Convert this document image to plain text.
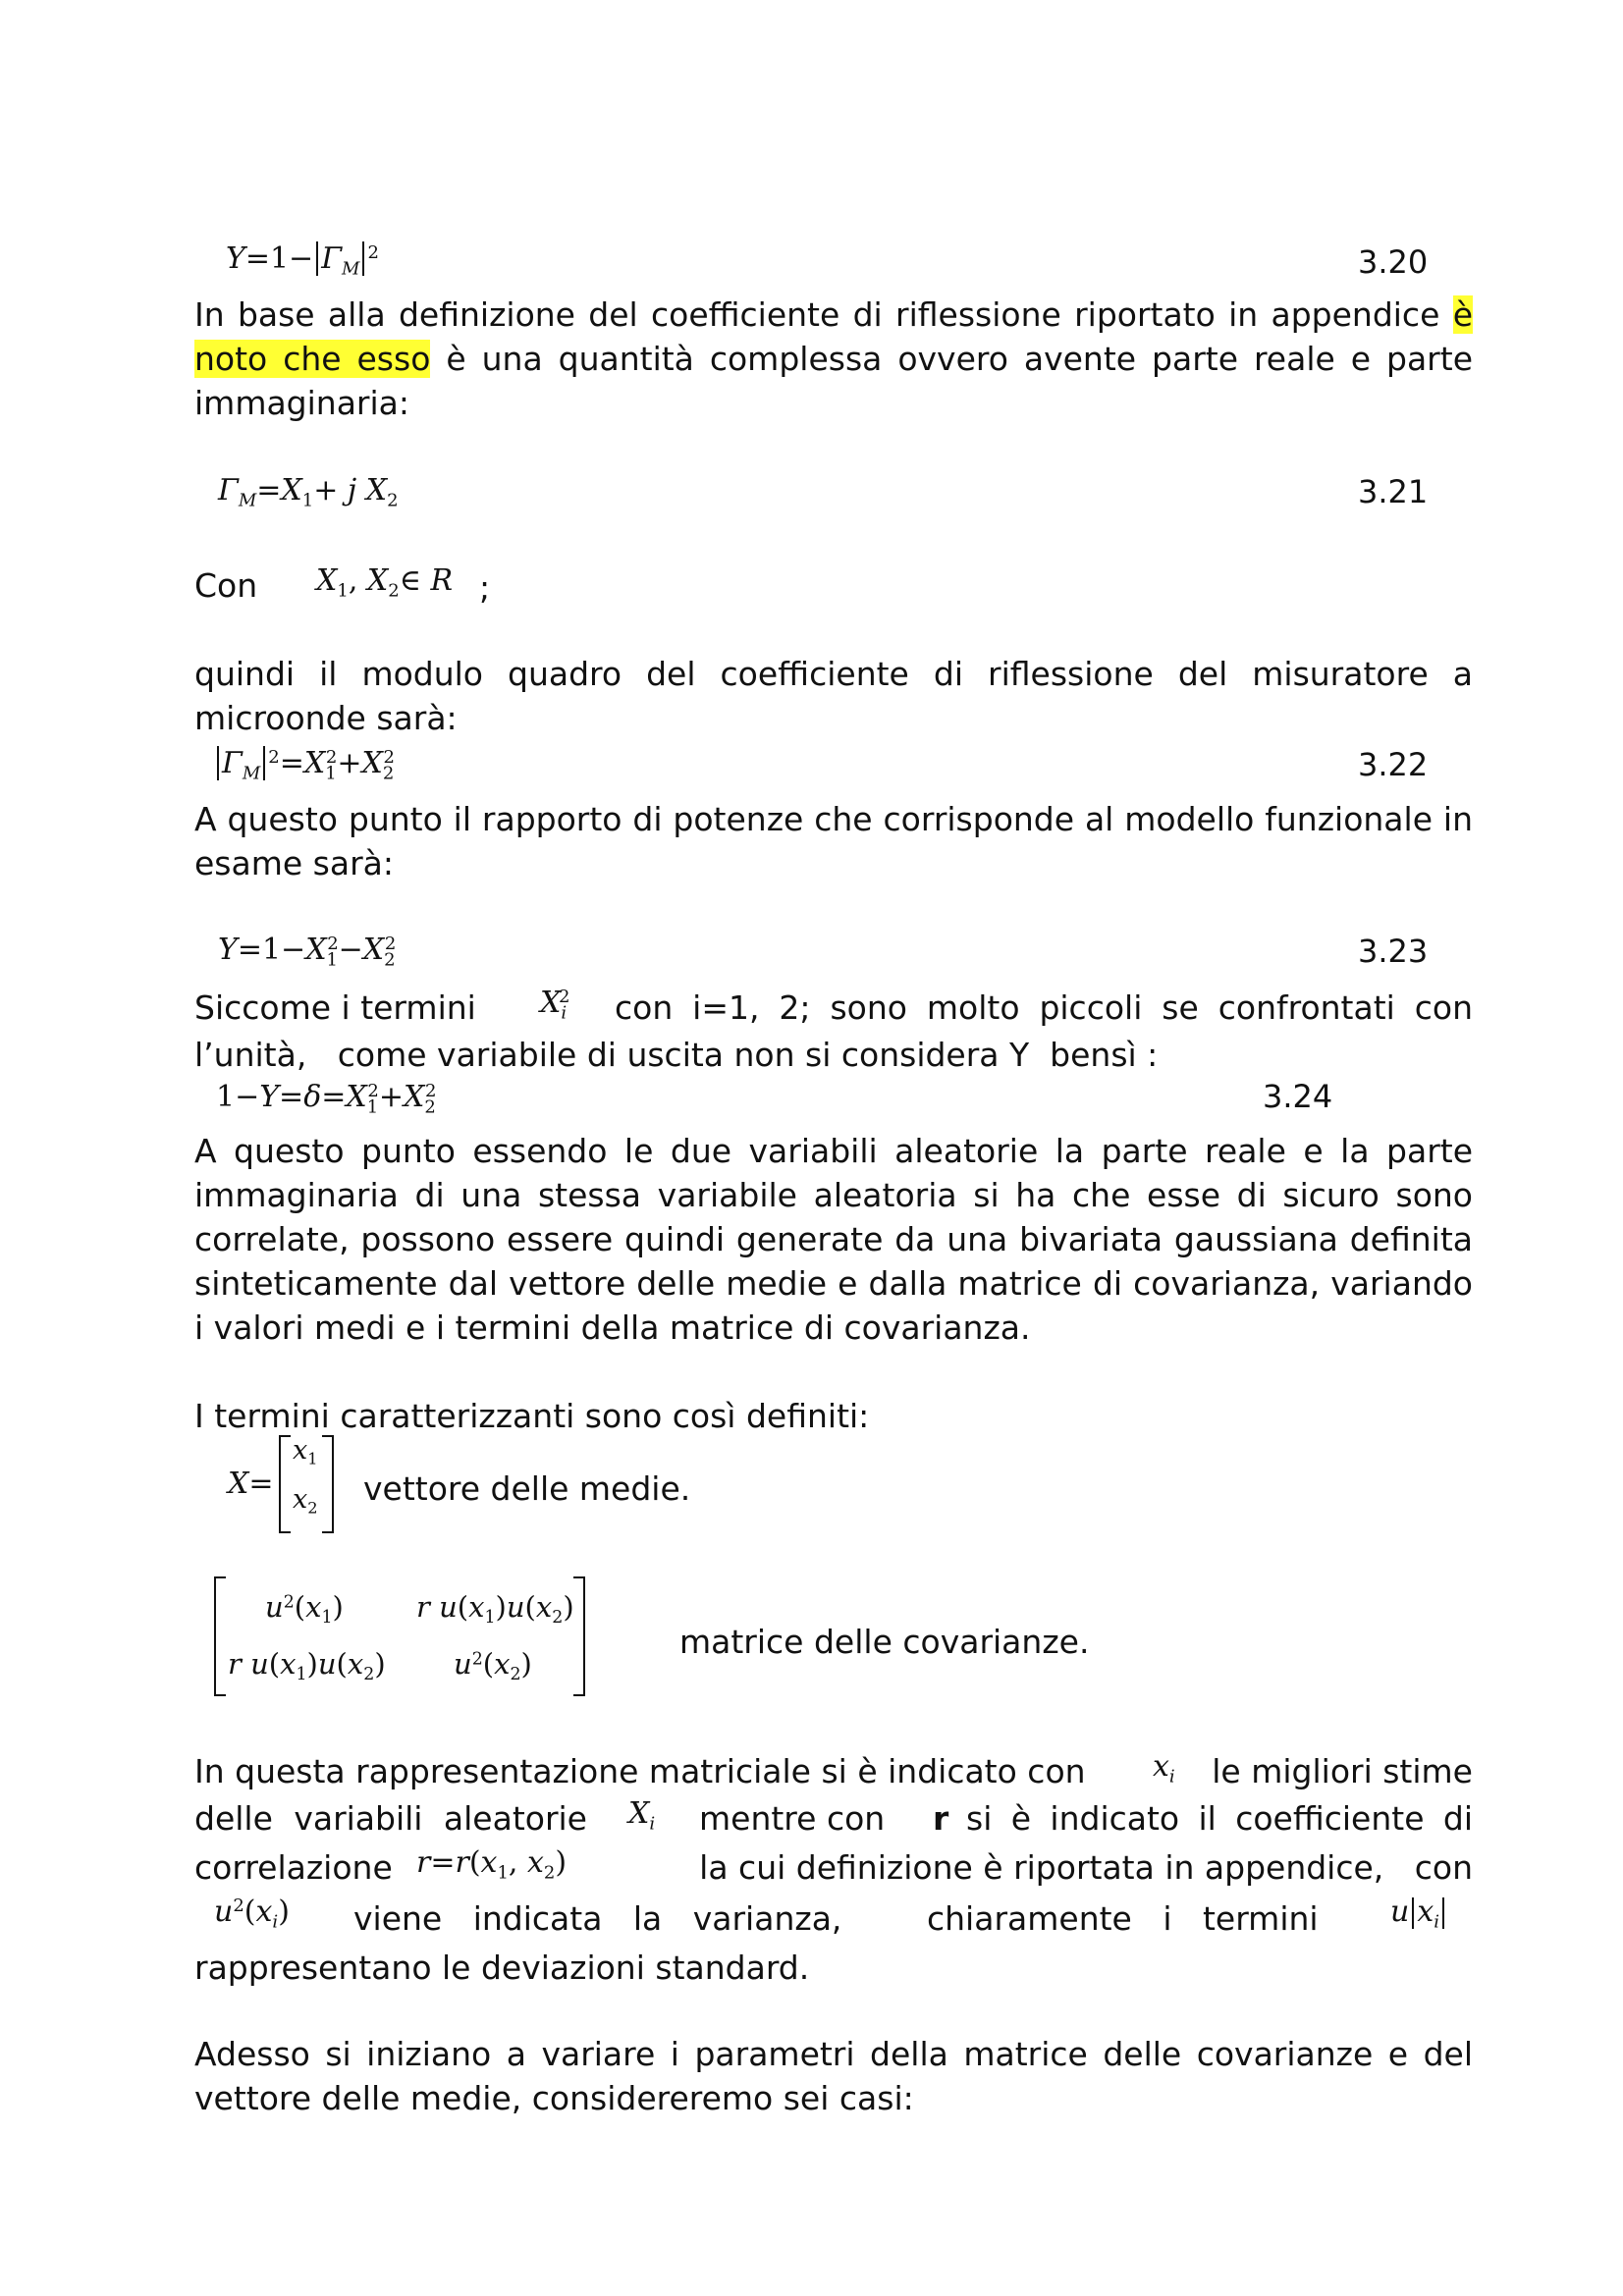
$Y=1- \Gamma_M^2$	3.20
In base alla definizione del coefficiente di riflessione riportato in appendice è
noto che esso è una quantità complessa ovvero avente parte reale e parte
immaginaria:
$\Gamma_M=X_1+ j$ $X_2$	3.21
Con $X_1$, $X_2\in$ R ;
quindi il modulo quadro del coefficiente di riflessione del misuratore a microonde sarà:
$\Gamma_M^2=X_1^2+X_2^2$	3.22
A questo punto il rapporto di potenze che corrisponde al modello funzionale in esame sarà:
$Y=1-X_1^2-X_2^2$	3.23
Siccome i termini $X_i^2$ con i=1, 2; sono molto piccoli se confrontati con
l’unità,   come variabile di uscita non si considera Y  bensì :
$1-Y=\delta=X_1^2+X_2^2$	3.24
A questo punto essendo le due variabili aleatorie la parte reale e la parte immaginaria di una stessa variabile aleatoria si ha che esse di sicuro sono correlate, possono essere quindi generate da una bivariata gaussiana definita sinteticamente dal vettore delle medie e dalla matrice di covarianza, variando i valori medi e i termini della matrice di covarianza.
I termini caratterizzanti sono così definiti:
X=
$x_1$
$x_2$
vettore delle medie.
$u^2(x_1)$	r $u(x_1)u(x_2)$
r $u(x_1)u(x_2)$ $u^2(x_2)$
matrice delle covarianze.
In questa rappresentazione matriciale si è indicato con $x_i$ le migliori stime
delle variabili aleatorie $X_i$ mentre con r si è indicato il coefficiente di
correlazione $r=r(x_1$, $x_2$)	la cui definizione è riportata in appendice,   con
$u^2(x_i)$ viene   indicata   la   varianza,	chiaramente   i   termini u $x_i$
rappresentano le deviazioni standard.
Adesso si iniziano a variare i parametri della matrice delle covarianze e del vettore delle medie, considereremo sei casi:
